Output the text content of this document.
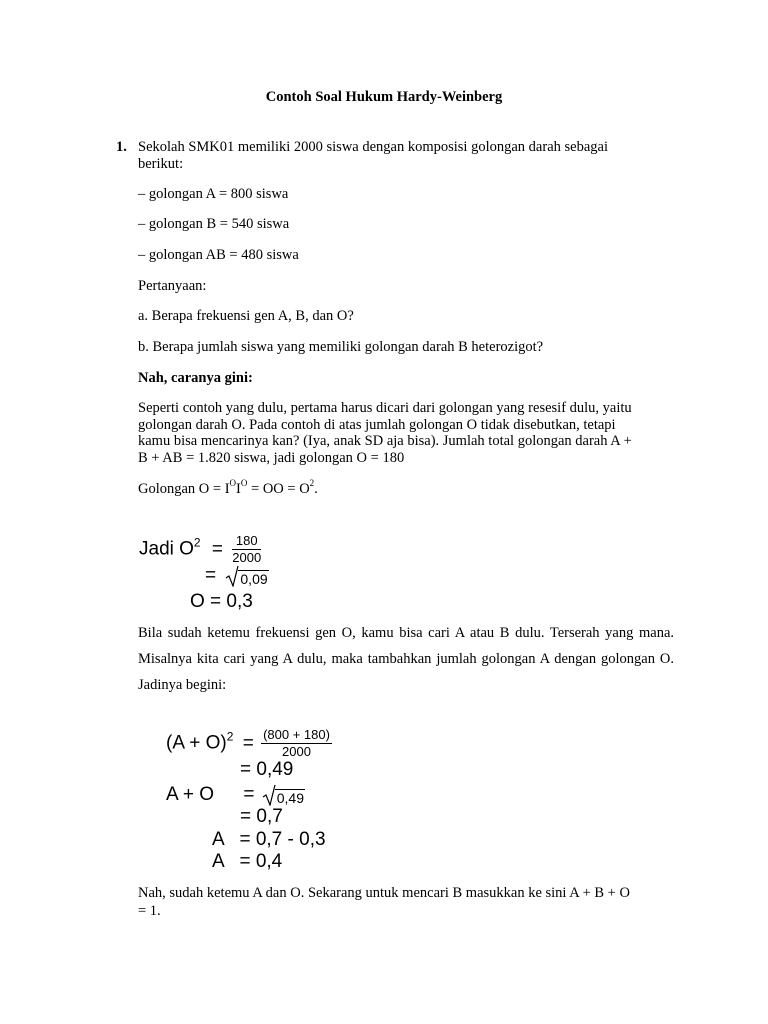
Contoh Soal Hukum Hardy-Weinberg
1. Sekolah SMK01 memiliki 2000 siswa dengan komposisi golongan darah sebagai
berikut:
– golongan A = 800 siswa
– golongan B = 540 siswa
– golongan AB = 480 siswa
Pertanyaan:
a. Berapa frekuensi gen A, B, dan O?
b. Berapa jumlah siswa yang memiliki golongan darah B heterozigot?
Nah, caranya gini:
Seperti contoh yang dulu, pertama harus dicari dari golongan yang resesif dulu, yaitu
golongan darah O. Pada contoh di atas jumlah golongan O tidak disebutkan, tetapi
kamu bisa mencarinya kan? (Iya, anak SD aja bisa). Jumlah total golongan darah A +
B + AB = 1.820 siswa, jadi golongan O = 180
Golongan $O = I^OI^O$ = OO = $O^2$.
Jadi $O^2 = \frac{180}{2000}$
= 0,09
O = 0,3
Bila sudah ketemu frekuensi gen O, kamu bisa cari A atau B dulu. Terserah yang mana. Misalnya kita cari yang A dulu, maka tambahkan jumlah golongan A dengan golongan O. Jadinya begini:
$(A + O)^2 = \frac{(800 + 180)}{2000}$
= 0,49
A + O = 0,49
= 0,7
A   = 0,7 - 0,3
A   = 0,4
Nah, sudah ketemu A dan O. Sekarang untuk mencari B masukkan ke sini A + B + O
= 1.
